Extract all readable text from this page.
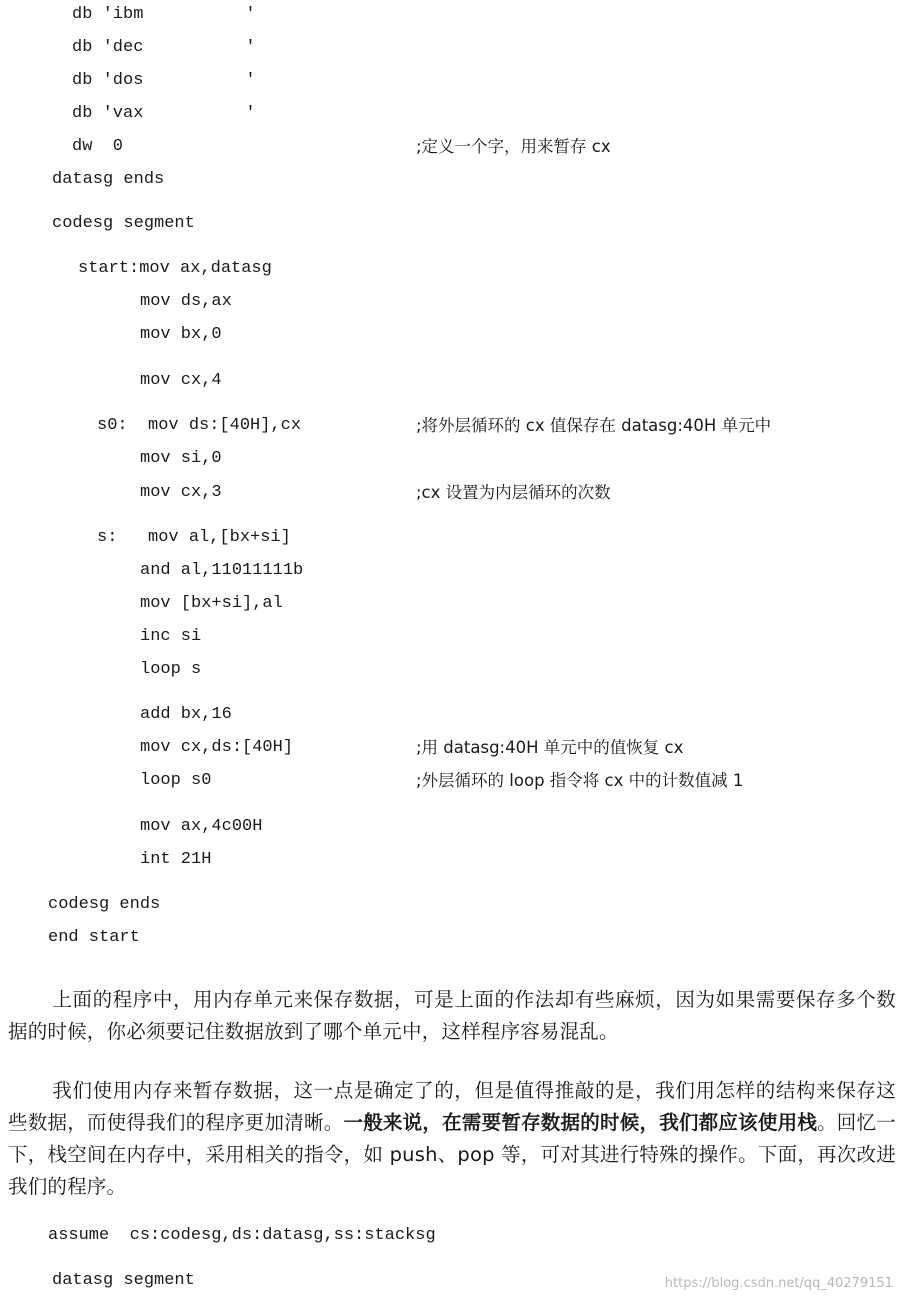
db 'ibm          '
db 'dec          '
db 'dos          '
db 'vax          '
dw  0	;定义一个字，用来暂存 cx
datasg ends
codesg segment
start:mov ax,datasg
mov ds,ax
mov bx,0
mov cx,4
s0:  mov ds:[40H],cx	;将外层循环的 cx 值保存在 datasg:40H 单元中
mov si,0
mov cx,3	;cx 设置为内层循环的次数
s:   mov al,[bx+si]
and al,11011111b
mov [bx+si],al
inc si
loop s
add bx,16
mov cx,ds:[40H]	;用 datasg:40H 单元中的值恢复 cx
loop s0	;外层循环的 loop 指令将 cx 中的计数值减 1
mov ax,4c00H
int 21H
codesg ends
end start
上面的程序中，用内存单元来保存数据，可是上面的作法却有些麻烦，因为如果需要保存多个数据的时候，你必须要记住数据放到了哪个单元中，这样程序容易混乱。
我们使用内存来暂存数据，这一点是确定了的，但是值得推敲的是，我们用怎样的结构来保存这些数据，而使得我们的程序更加清晰。一般来说，在需要暂存数据的时候，我们都应该使用栈。回忆一下，栈空间在内存中，采用相关的指令，如 push、pop 等，可对其进行特殊的操作。下面，再次改进我们的程序。
assume  cs:codesg,ds:datasg,ss:stacksg
datasg segment	https://blog.csdn.net/qq_40279151
